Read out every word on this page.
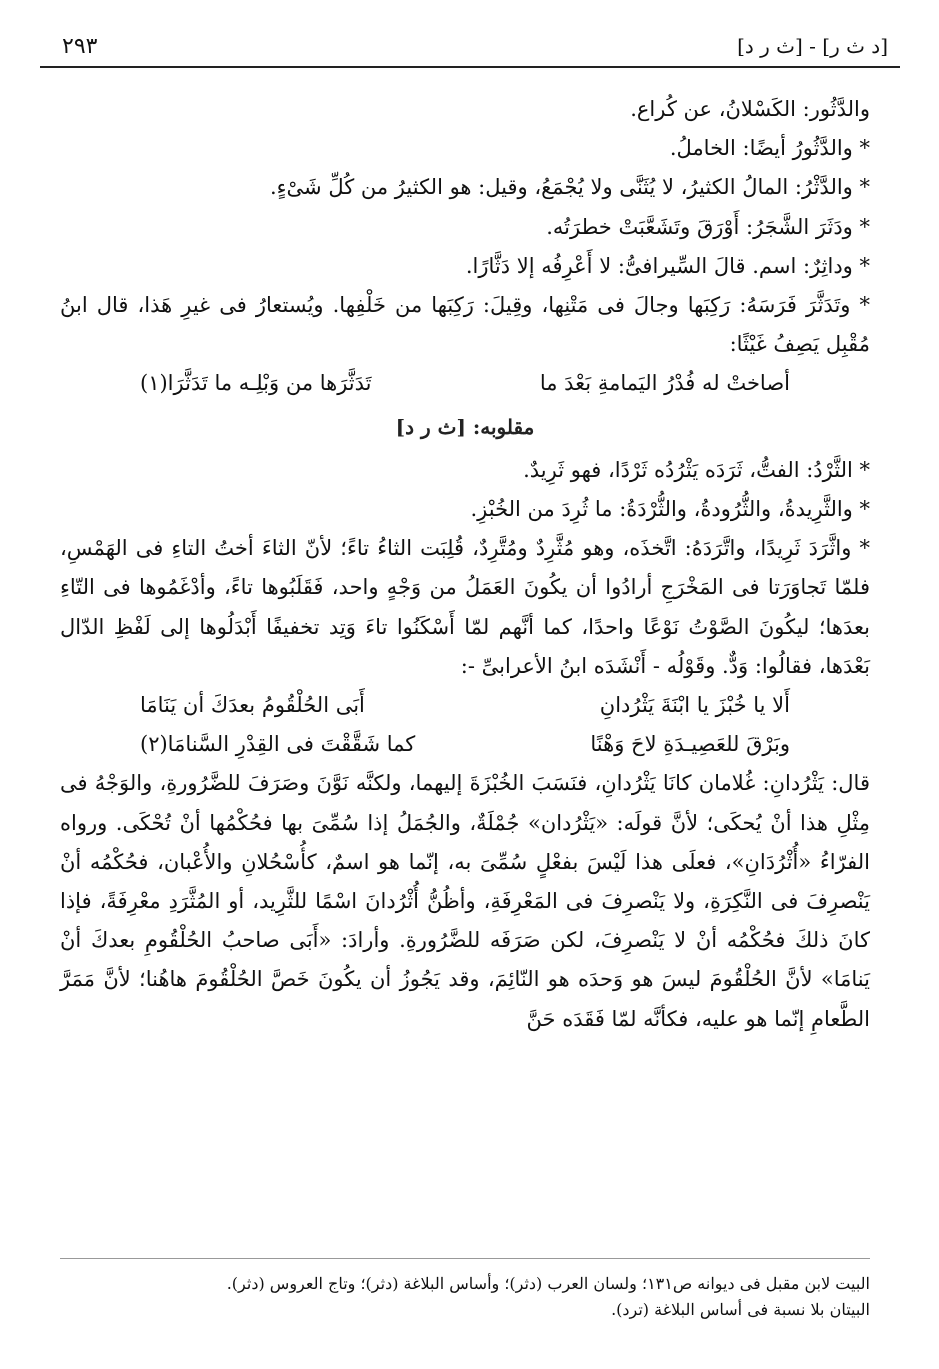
٢٩٣	[د ث ر] - [ث ر د]

والدَّثُور: الكَسْلانُ، عن كُراع.

* والدَّثُورُ أيضًا: الخاملُ.

* والدَّثْرُ: المالُ الكثيرُ، لا يُثَنَّى ولا يُجْمَعُ، وقيل: هو الكثيرُ من كُلِّ شَىْءٍ.

* ودَثَرَ الشَّجَرُ: أَوْرَقَ وتَشَعَّبَتْ خطرَتُه.

* وداثِرٌ: اسم. قالَ السِّيرافىُّ: لا أَعْرِفُه إلا دَثَّارًا.

* وتَدَثَّرَ فَرَسَهُ: رَكِبَها وجالَ فى مَتْنِها، وقِيلَ: رَكِبَها من خَلْفِها. ويُستعارُ فى غيرِ هَذا، قال ابنُ مُقْبِل يَصِفُ غَيْثًا:

أصاختْ له فُدْرُ اليَمامةِ بَعْدَ ما
تَدَثَّرَها من وَبْلِـه ما تَدَثَّرَا(١)
مقلوبه: [ث ر د]

* الثَّرْدُ: الفتُّ، ثَرَدَه يَثْرُدُه ثَرْدًا، فهو ثَرِيدٌ.

* والثَّرِيدةُ، والثُّرُودةُ، والثُّرْدَةُ: ما ثُرِدَ من الخُبْزِ.

* واثَّرَدَ ثَرِيدًا، واتَّرَدَهُ: اتَّخذَه، وهو مُثَّرِدٌ ومُتَّرِدٌ، قُلِبَت الثاءُ تاءً؛ لأنّ الثاءَ أختُ التاءِ فى الهَمْسِ، فلمّا تَجاوَرَتا فى المَخْرَجِ أرادُوا أن يكُونَ العَمَلُ من وَجْهٍ واحد، فَقَلَبُوها تاءً، وأدْغَمُوها فى التّاءِ بعدَها؛ ليكُونَ الصَّوْتُ نَوْعًا واحدًا، كما أنَّهم لمّا أَسْكَنُوا تاءَ وَتِد تخفيفًا أَبْدَلُوها إلى لَفْظِ الدّال بَعْدَها، فقالُوا: وَدٌّ. وقَوْلُه - أَنْشَدَه ابنُ الأعرابىِّ -:

أَلا يا خُبْزَ يا ابْنَةَ يَثْرُدانِ
أَبَى الحُلْقُومُ بعدَكَ أن يَنَامَا
وبَرْقَ للعَصِيـدَةِ لاحَ وَهْنًا
كما شَقَّقْتَ فى القِدْرِ السَّنامَا(٢)

قال: يَثْرُدانِ: غُلامان كانَا يَثْرُدانِ، فنَسَبَ الخُبْزَةَ إليهما، ولكنَّه نَوَّنَ وصَرَفَ للضَّرُورةِ، والوَجْهُ فى مِثْلِ هذا أنْ يُحكَى؛ لأنَّ قولَه: «يَثْرُدان» جُمْلَةٌ، والجُمَلُ إذا سُمِّىَ بها فحُكْمُها أنْ تُحْكَى. ورواه الفرّاءُ «أُثْرُدَانِ»، فعلَى هذا لَيْسَ بفعْلٍ سُمِّىَ به، إنّما هو اسمٌ، كأُسْحُلانِ والأُعْبان، فحُكْمُه أنْ يَنْصرِفَ فى النَّكِرَةِ، ولا يَنْصرِفَ فى المَعْرِفَةِ، وأظُنُّ أُثْرُدانَ اسْمًا للثَّرِيد، أو المُثَّرَدِ معْرِفَةً، فإذا كانَ ذلكَ فحُكْمُه أنْ لا يَنْصرِفَ، لكن صَرَفَه للضَّرُورةِ. وأرادَ: «أَبَى صاحبُ الحُلْقُومِ بعدكَ أنْ يَنامَا» لأنَّ الحُلْقُومَ ليسَ هو وَحدَه هو النّائِمَ، وقد يَجُوزُ أن يكُونَ خَصَّ الحُلْقُومَ هاهُنا؛ لأنَّ مَمَرَّ الطَّعامِ إنّما هو عليه، فكأنَّه لمّا فَقَدَه حَنَّ

البيت لابن مقبل فى ديوانه ص١٣١؛ ولسان العرب (دثر)؛ وأساس البلاغة (دثر)؛ وتاج العروس (دثر).

البيتان بلا نسبة فى أساس البلاغة (ترد).
